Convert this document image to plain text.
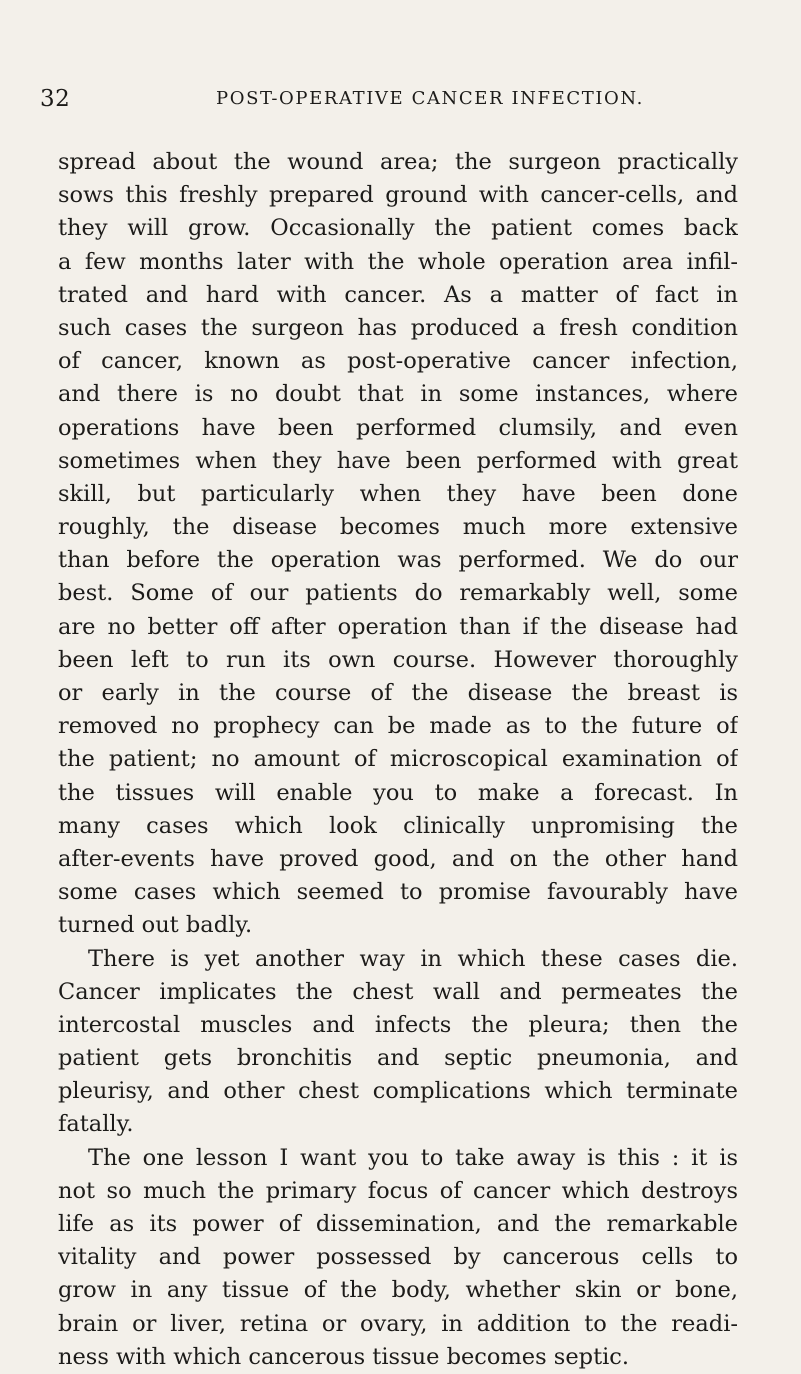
32	POST-OPERATIVE CANCER INFECTION.
spread about the wound area; the surgeon practically
sows this freshly prepared ground with cancer-cells, and
they will grow. Occasionally the patient comes back
a few months later with the whole operation area infil-
trated and hard with cancer. As a matter of fact in
such cases the surgeon has produced a fresh condition
of cancer, known as post-operative cancer infection,
and there is no doubt that in some instances, where
operations have been performed clumsily, and even
sometimes when they have been performed with great
skill, but particularly when they have been done
roughly, the disease becomes much more extensive
than before the operation was performed. We do our
best. Some of our patients do remarkably well, some
are no better off after operation than if the disease had
been left to run its own course. However thoroughly
or early in the course of the disease the breast is
removed no prophecy can be made as to the future of
the patient; no amount of microscopical examination of
the tissues will enable you to make a forecast. In
many cases which look clinically unpromising the
after-events have proved good, and on the other hand
some cases which seemed to promise favourably have
turned out badly.
There is yet another way in which these cases die.
Cancer implicates the chest wall and permeates the
intercostal muscles and infects the pleura; then the
patient gets bronchitis and septic pneumonia, and
pleurisy, and other chest complications which terminate
fatally.
The one lesson I want you to take away is this : it is
not so much the primary focus of cancer which destroys
life as its power of dissemination, and the remarkable
vitality and power possessed by cancerous cells to
grow in any tissue of the body, whether skin or bone,
brain or liver, retina or ovary, in addition to the readi-
ness with which cancerous tissue becomes septic.
